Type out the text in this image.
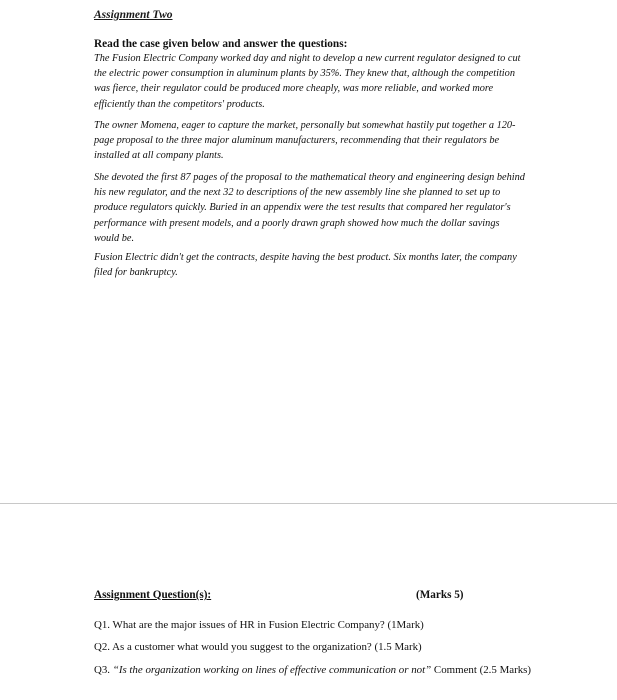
Assignment Two
Read the case given below and answer the questions:

The Fusion Electric Company worked day and night to develop a new current regulator designed to cut the electric power consumption in aluminum plants by 35%. They knew that, although the competition was fierce, their regulator could be produced more cheaply, was more reliable, and worked more efficiently than the competitors' products.

The owner Momena, eager to capture the market, personally but somewhat hastily put together a 120-page proposal to the three major aluminum manufacturers, recommending that their regulators be installed at all company plants.

She devoted the first 87 pages of the proposal to the mathematical theory and engineering design behind his new regulator, and the next 32 to descriptions of the new assembly line she planned to set up to produce regulators quickly. Buried in an appendix were the test results that compared her regulator's performance with present models, and a poorly drawn graph showed how much the dollar savings would be.

Fusion Electric didn't get the contracts, despite having the best product. Six months later, the company filed for bankruptcy.

Assignment Question(s):	(Marks 5)

Q1. What are the major issues of HR in Fusion Electric Company? (1Mark)

Q2. As a customer what would you suggest to the organization? (1.5 Mark)

Q3. “Is the organization working on lines of effective communication or not” Comment (2.5 Marks)
